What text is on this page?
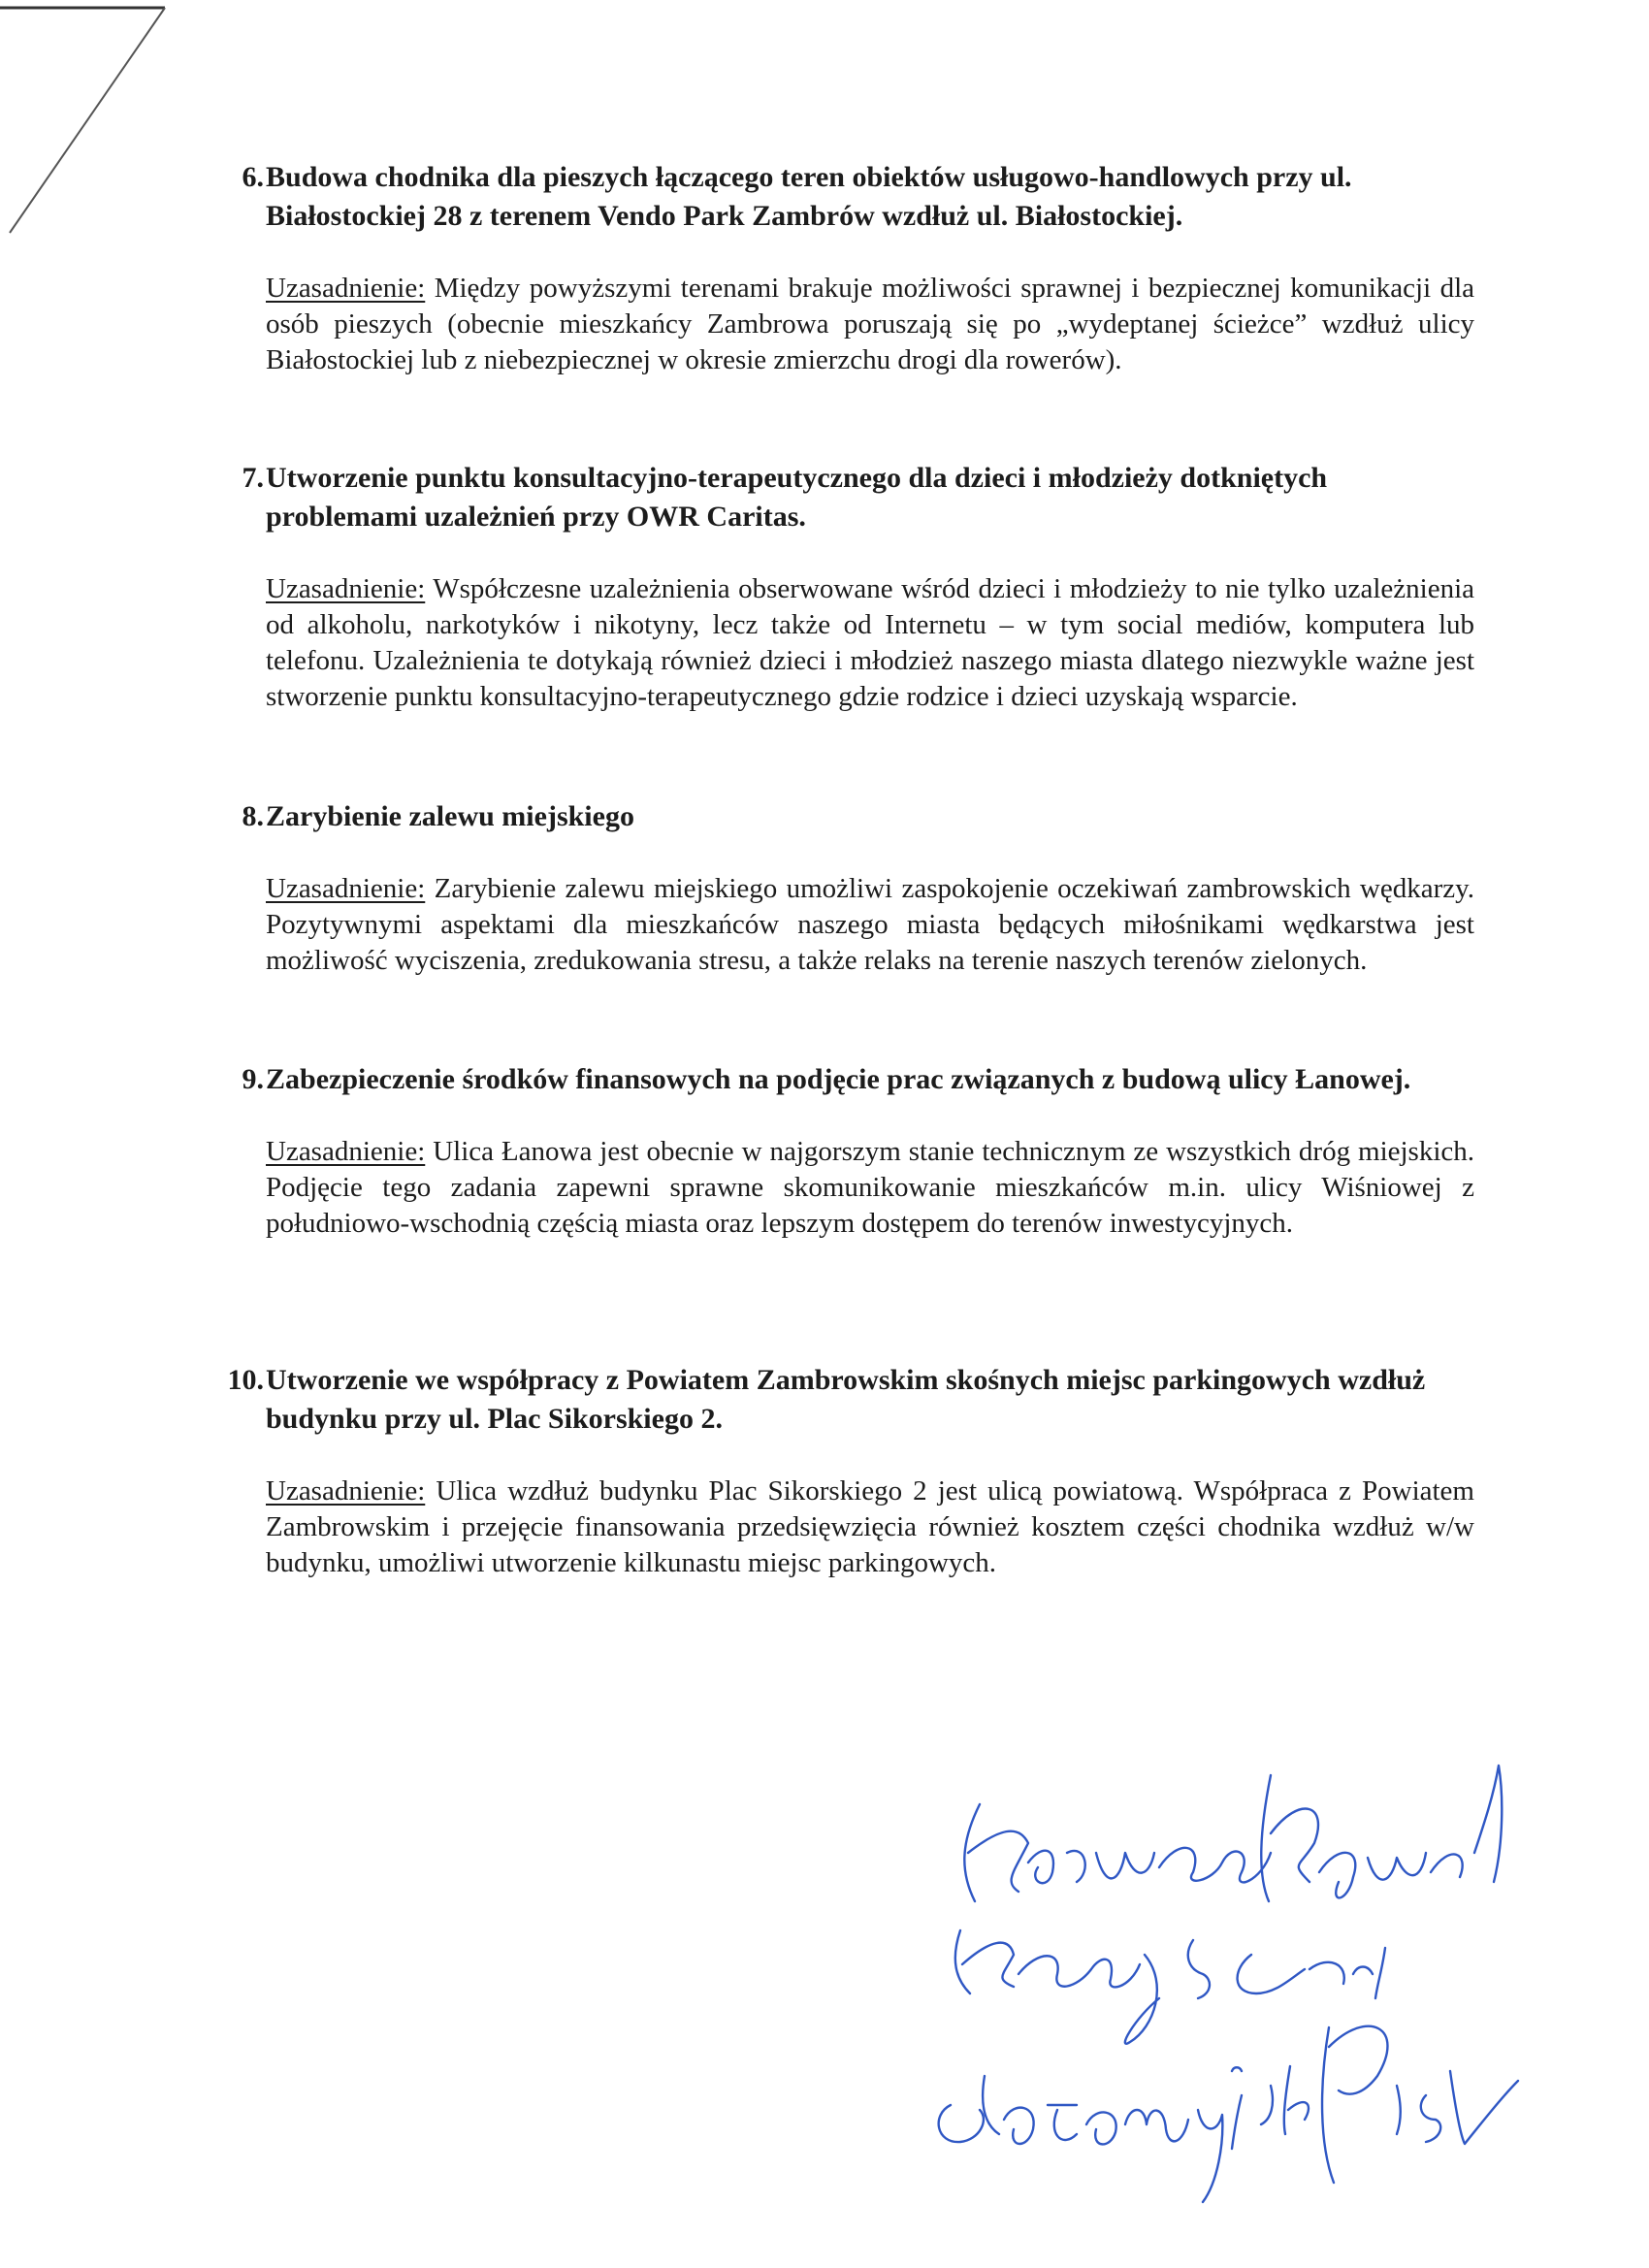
6. Budowa chodnika dla pieszych łączącego teren obiektów usługowo-handlowych przy ul. Białostockiej 28 z terenem Vendo Park Zambrów wzdłuż ul. Białostockiej.

Uzasadnienie: Między powyższymi terenami brakuje możliwości sprawnej i bezpiecznej komunikacji dla osób pieszych (obecnie mieszkańcy Zambrowa poruszają się po „wydeptanej ścieżce” wzdłuż ulicy Białostockiej lub z niebezpiecznej w okresie zmierzchu drogi dla rowerów).

7. Utworzenie punktu konsultacyjno-terapeutycznego dla dzieci i młodzieży dotkniętych problemami uzależnień przy OWR Caritas.

Uzasadnienie: Współczesne uzależnienia obserwowane wśród dzieci i młodzieży to nie tylko uzależnienia od alkoholu, narkotyków i nikotyny, lecz także od Internetu – w tym social mediów, komputera lub telefonu. Uzależnienia te dotykają również dzieci i młodzież naszego miasta dlatego niezwykle ważne jest stworzenie punktu konsultacyjno-terapeutycznego gdzie rodzice i dzieci uzyskają wsparcie.

8. Zarybienie zalewu miejskiego

Uzasadnienie: Zarybienie zalewu miejskiego umożliwi zaspokojenie oczekiwań zambrowskich wędkarzy. Pozytywnymi aspektami dla mieszkańców naszego miasta będących miłośnikami wędkarstwa jest możliwość wyciszenia, zredukowania stresu, a także relaks na terenie naszych terenów zielonych.

9. Zabezpieczenie środków finansowych na podjęcie prac związanych z budową ulicy Łanowej.

Uzasadnienie: Ulica Łanowa jest obecnie w najgorszym stanie technicznym ze wszystkich dróg miejskich. Podjęcie tego zadania zapewni sprawne skomunikowanie mieszkańców m.in. ulicy Wiśniowej z południowo-wschodnią częścią miasta oraz lepszym dostępem do terenów inwestycyjnych.

10. Utworzenie we współpracy z Powiatem Zambrowskim skośnych miejsc parkingowych wzdłuż budynku przy ul. Plac Sikorskiego 2.

Uzasadnienie: Ulica wzdłuż budynku Plac Sikorskiego 2 jest ulicą powiatową. Współpraca z Powiatem Zambrowskim i przejęcie finansowania przedsięwzięcia również kosztem części chodnika wzdłuż w/w budynku, umożliwi utworzenie kilkunastu miejsc parkingowych.
